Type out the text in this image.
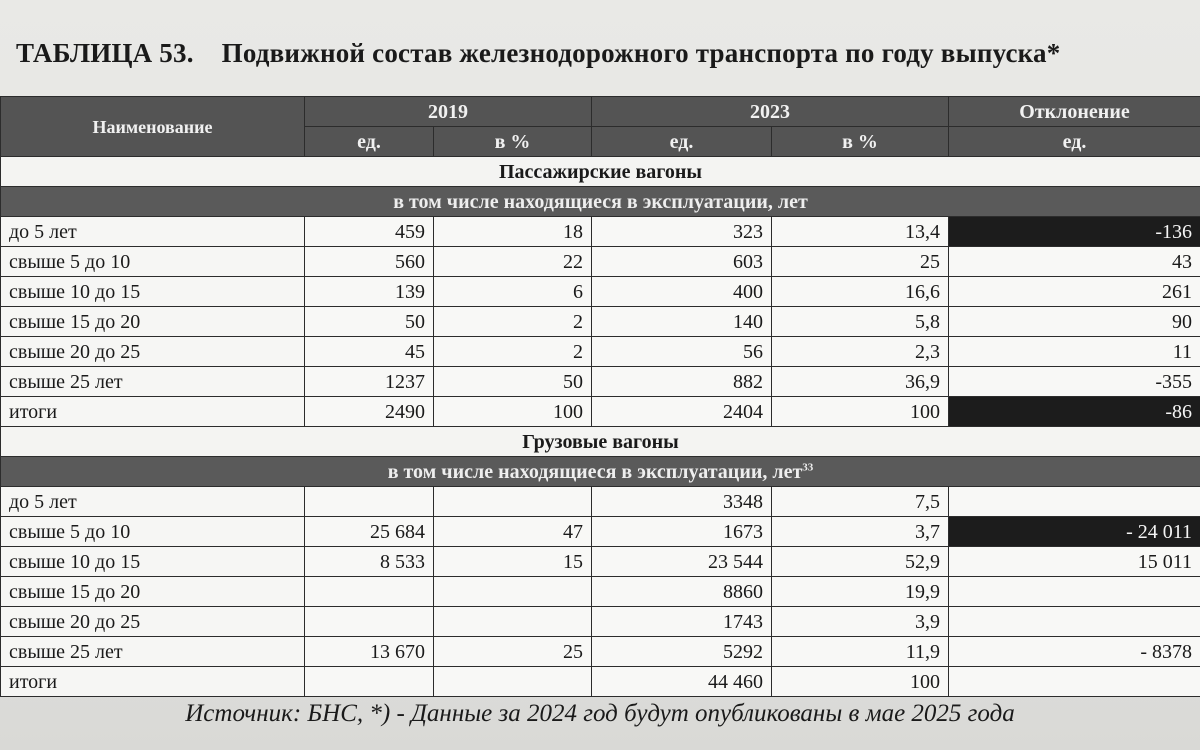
ТАБЛИЦА 53. Подвижной состав железнодорожного транспорта по году выпуска*
Наименование	2019		2023		Отклонение
	ед.	в %	ед.	в %	ед.
Пассажирские вагоны					
в том числе находящиеся в эксплуатации, лет					
до 5 лет	459	18	323	13,4	-136
свыше 5 до 10	560	22	603	25	43
свыше 10 до 15	139	6	400	16,6	261
свыше 15 до 20	50	2	140	5,8	90
свыше 20 до 25	45	2	56	2,3	11
свыше 25 лет	1237	50	882	36,9	-355
итоги	2490	100	2404	100	-86
Грузовые вагоны					
в том числе находящиеся в эксплуатации, лет$^{33}$
до 5 лет			3348	7,5	
свыше 5 до 10	25 684	47	1673	3,7	- 24 011
свыше 10 до 15	8 533	15	23 544	52,9	15 011
свыше 15 до 20			8860	19,9	
свыше 20 до 25			1743	3,9	
свыше 25 лет	13 670	25	5292	11,9	- 8378
итоги			44 460	100	
Источник: БНС, *) - Данные за 2024 год будут опубликованы в мае 2025 года
